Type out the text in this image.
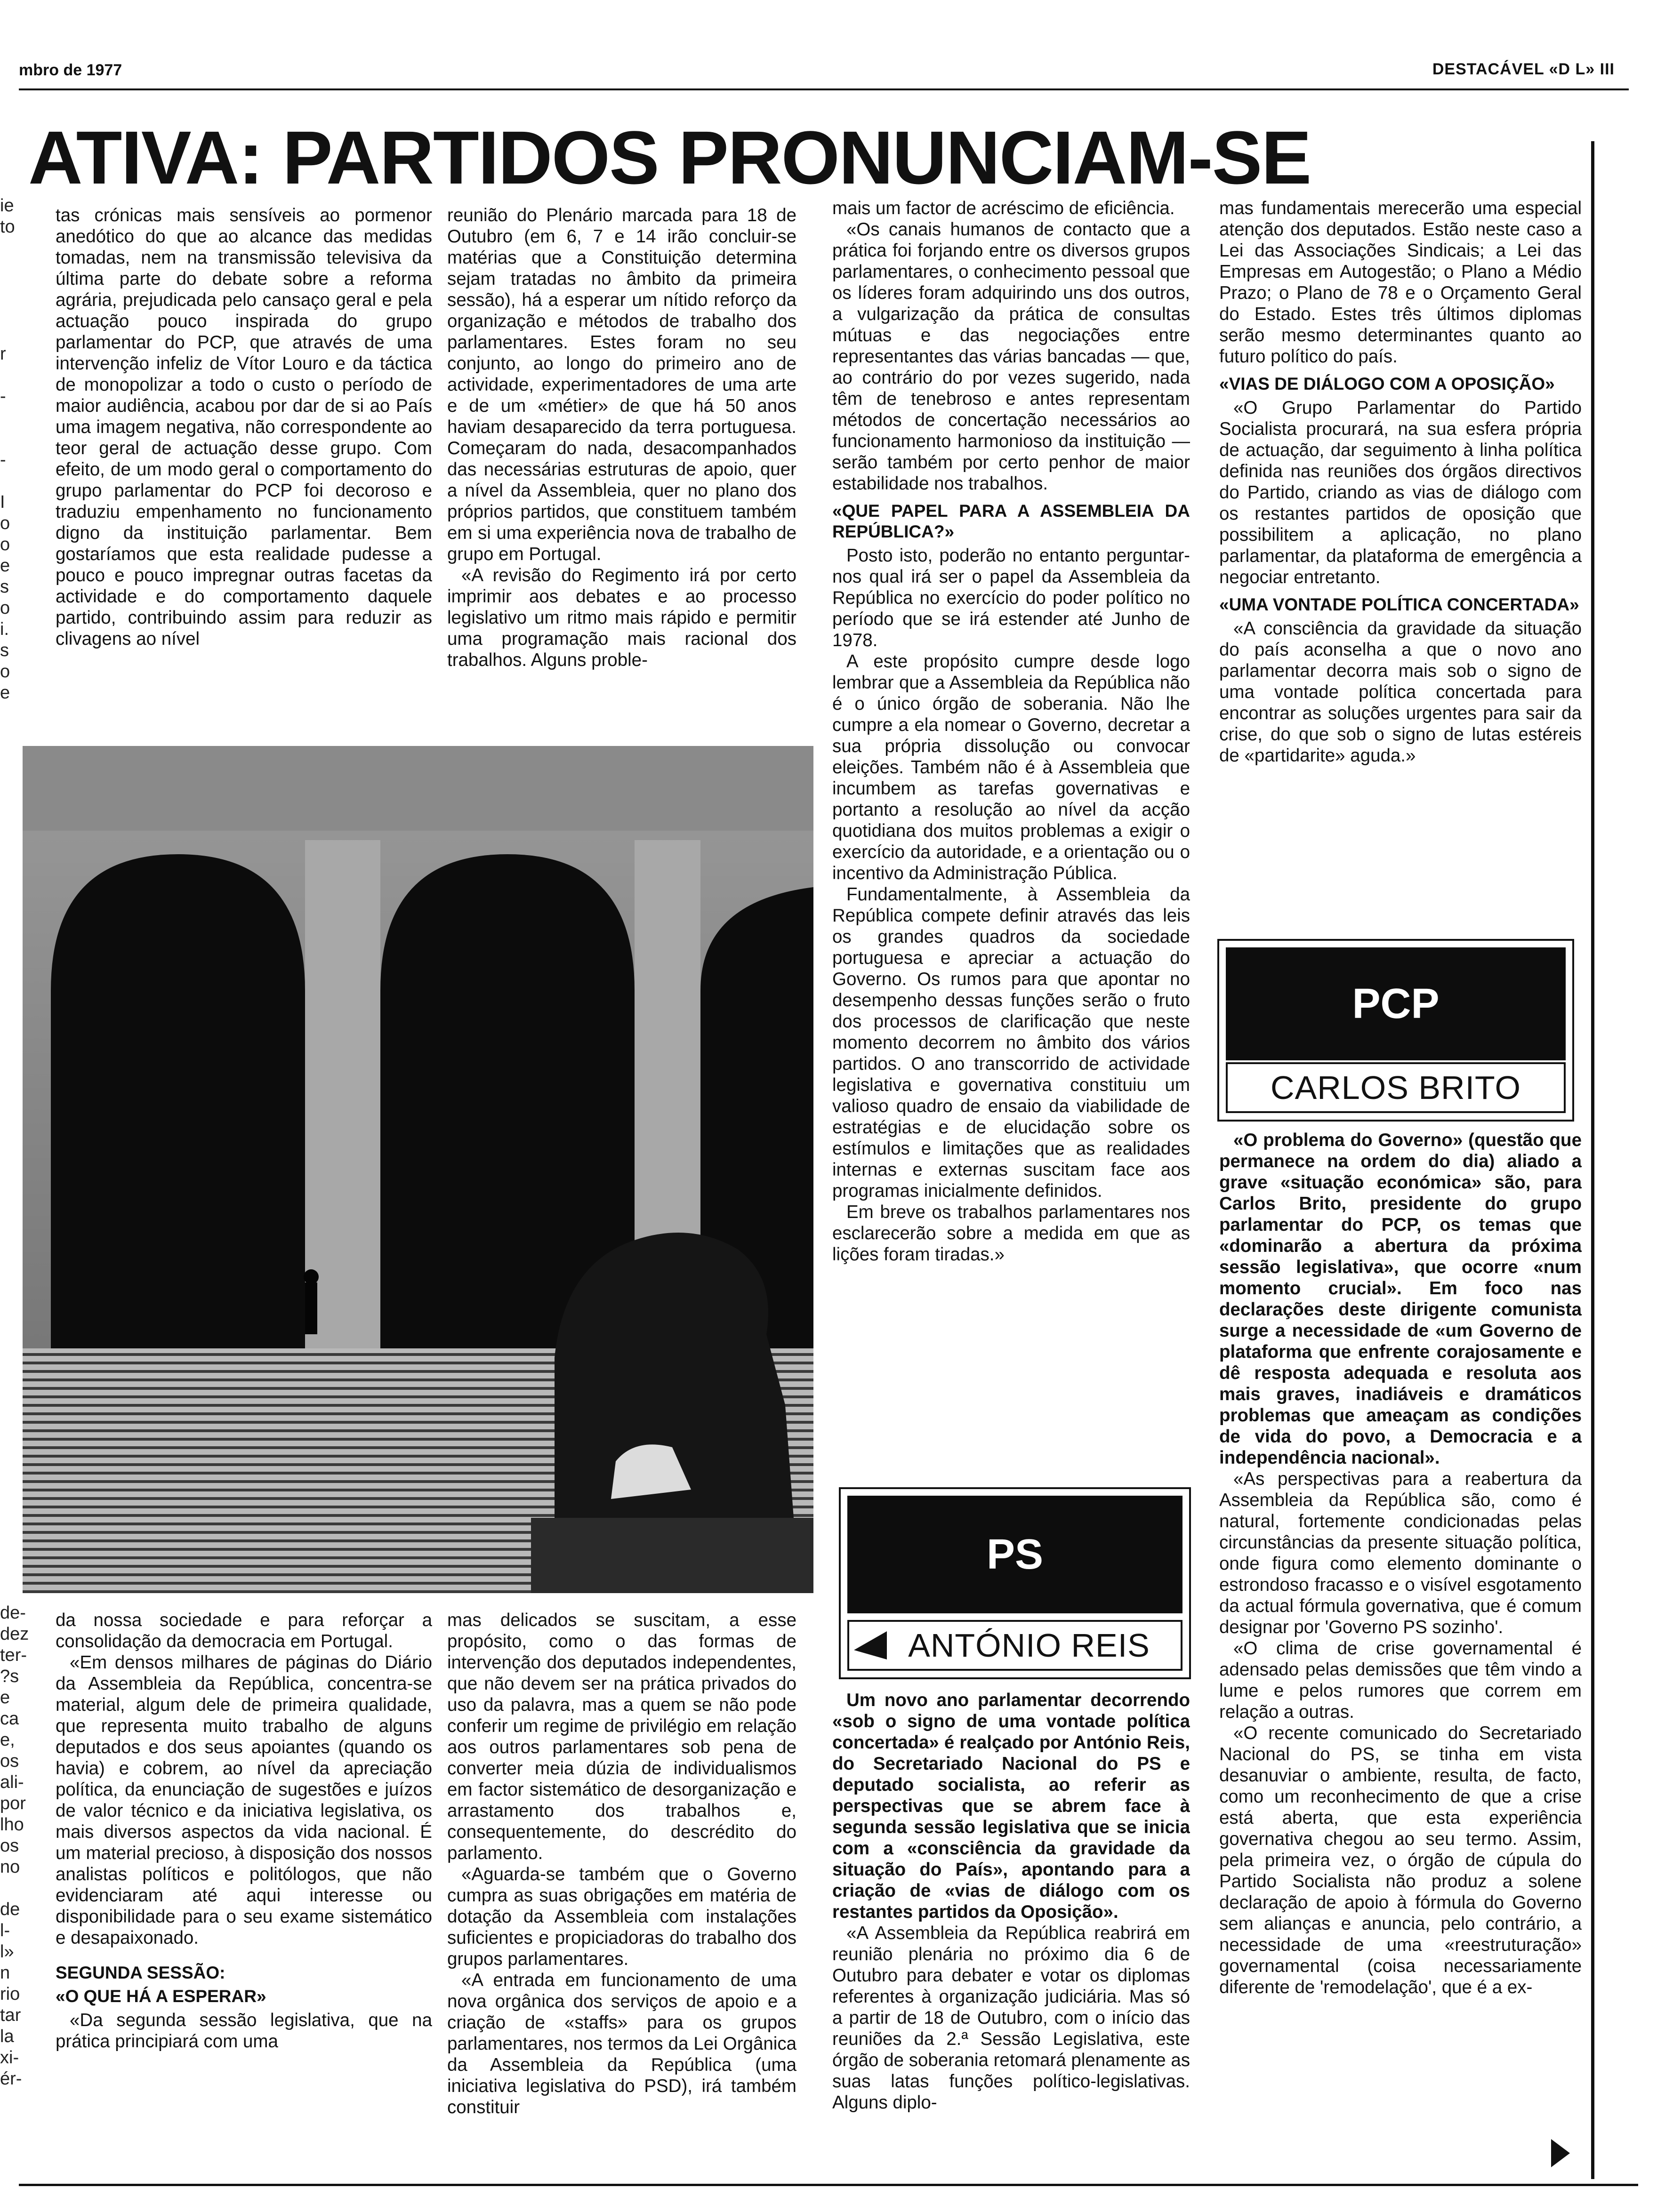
mbro de 1977	DESTACÁVEL «D L» III
ATIVA: PARTIDOS PRONUNCIAM-SE
ie
to

r

-

-

I
o
o
e
s
o
i.
s
o
e
de-
dez
ter-
?s
e
ca
e,
os
ali-
por
lho
os
no

de
l-
l»
n
rio
tar
la
xi-
ér-

tas crónicas mais sensíveis ao pormenor anedótico do que ao alcance das medidas tomadas, nem na transmissão televisiva da última parte do debate sobre a reforma agrária, prejudicada pelo cansaço geral e pela actuação pouco inspirada do grupo parlamentar do PCP, que através de uma intervenção infeliz de Vítor Louro e da táctica de monopolizar a todo o custo o período de maior audiência, acabou por dar de si ao País uma imagem negativa, não correspondente ao teor geral de actuação desse grupo. Com efeito, de um modo geral o comportamento do grupo parlamentar do PCP foi decoroso e traduziu empenhamento no funcionamento digno da instituição parlamentar. Bem gostaríamos que esta realidade pudesse a pouco e pouco impregnar outras facetas da actividade e do comportamento daquele partido, contribuindo assim para reduzir as clivagens ao nível

reunião do Plenário marcada para 18 de Outubro (em 6, 7 e 14 irão concluir-se matérias que a Constituição determina sejam tratadas no âmbito da primeira sessão), há a esperar um nítido reforço da organização e métodos de trabalho dos parlamentares. Estes foram no seu conjunto, ao longo do primeiro ano de actividade, experimentadores de uma arte e de um «métier» de que há 50 anos haviam desaparecido da terra portuguesa. Começaram do nada, desacompanhados das necessárias estruturas de apoio, quer a nível da Assembleia, quer no plano dos próprios partidos, que constituem também em si uma experiência nova de trabalho de grupo em Portugal.

«A revisão do Regimento irá por certo imprimir aos debates e ao processo legislativo um ritmo mais rápido e permitir uma programação mais racional dos trabalhos. Alguns proble-

mais um factor de acréscimo de eficiência.

«Os canais humanos de contacto que a prática foi forjando entre os diversos grupos parlamentares, o conhecimento pessoal que os líderes foram adquirindo uns dos outros, a vulgarização da prática de consultas mútuas e das negociações entre representantes das várias bancadas — que, ao contrário do por vezes sugerido, nada têm de tenebroso e antes representam métodos de concertação necessários ao funcionamento harmonioso da instituição — serão também por certo penhor de maior estabilidade nos trabalhos.

«QUE PAPEL PARA A ASSEMBLEIA DA REPÚBLICA?»

Posto isto, poderão no entanto perguntar-nos qual irá ser o papel da Assembleia da República no exercício do poder político no período que se irá estender até Junho de 1978.

A este propósito cumpre desde logo lembrar que a Assembleia da República não é o único órgão de soberania. Não lhe cumpre a ela nomear o Governo, decretar a sua própria dissolução ou convocar eleições. Também não é à Assembleia que incumbem as tarefas governativas e portanto a resolução ao nível da acção quotidiana dos muitos problemas a exigir o exercício da autoridade, e a orientação ou o incentivo da Administração Pública.

Fundamentalmente, à Assembleia da República compete definir através das leis os grandes quadros da sociedade portuguesa e apreciar a actuação do Governo. Os rumos para que apontar no desempenho dessas funções serão o fruto dos processos de clarificação que neste momento decorrem no âmbito dos vários partidos. O ano transcorrido de actividade legislativa e governativa constituiu um valioso quadro de ensaio da viabilidade de estratégias e de elucidação sobre os estímulos e limitações que as realidades internas e externas suscitam face aos programas inicialmente definidos.

Em breve os trabalhos parlamentares nos esclarecerão sobre a medida em que as lições foram tiradas.»

PS
ANTÓNIO REIS

Um novo ano parlamentar decorrendo «sob o signo de uma vontade política concertada» é realçado por António Reis, do Secretariado Nacional do PS e deputado socialista, ao referir as perspectivas que se abrem face à segunda sessão legislativa que se inicia com a «consciência da gravidade da situação do País», apontando para a criação de «vias de diálogo com os restantes partidos da Oposição».

«A Assembleia da República reabrirá em reunião plenária no próximo dia 6 de Outubro para debater e votar os diplomas referentes à organização judiciária. Mas só a partir de 18 de Outubro, com o início das reuniões da 2.ª Sessão Legislativa, este órgão de soberania retomará plenamente as suas latas funções político-legislativas. Alguns diplo-

mas fundamentais merecerão uma especial atenção dos deputados. Estão neste caso a Lei das Associações Sindicais; a Lei das Empresas em Autogestão; o Plano a Médio Prazo; o Plano de 78 e o Orçamento Geral do Estado. Estes três últimos diplomas serão mesmo determinantes quanto ao futuro político do país.

«VIAS DE DIÁLOGO COM A OPOSIÇÃO»

«O Grupo Parlamentar do Partido Socialista procurará, na sua esfera própria de actuação, dar seguimento à linha política definida nas reuniões dos órgãos directivos do Partido, criando as vias de diálogo com os restantes partidos de oposição que possibilitem a aplicação, no plano parlamentar, da plataforma de emergência a negociar entretanto.

«UMA VONTADE POLÍTICA CONCERTADA»

«A consciência da gravidade da situação do país aconselha a que o novo ano parlamentar decorra mais sob o signo de uma vontade política concertada para encontrar as soluções urgentes para sair da crise, do que sob o signo de lutas estéreis de «partidarite» aguda.»

PCP
CARLOS BRITO

«O problema do Governo» (questão que permanece na ordem do dia) aliado a grave «situação económica» são, para Carlos Brito, presidente do grupo parlamentar do PCP, os temas que «dominarão a abertura da próxima sessão legislativa», que ocorre «num momento crucial». Em foco nas declarações deste dirigente comunista surge a necessidade de «um Governo de plataforma que enfrente corajosamente e dê resposta adequada e resoluta aos mais graves, inadiáveis e dramáticos problemas que ameaçam as condições de vida do povo, a Democracia e a independência nacional».

«As perspectivas para a reabertura da Assembleia da República são, como é natural, fortemente condicionadas pelas circunstâncias da presente situação política, onde figura como elemento dominante o estrondoso fracasso e o visível esgotamento da actual fórmula governativa, que é comum designar por 'Governo PS sozinho'.

«O clima de crise governamental é adensado pelas demissões que têm vindo a lume e pelos rumores que correm em relação a outras.

«O recente comunicado do Secretariado Nacional do PS, se tinha em vista desanuviar o ambiente, resulta, de facto, como um reconhecimento de que a crise está aberta, que esta experiência governativa chegou ao seu termo. Assim, pela primeira vez, o órgão de cúpula do Partido Socialista não produz a solene declaração de apoio à fórmula do Governo sem alianças e anuncia, pelo contrário, a necessidade de uma «reestruturação» governamental (coisa necessariamente diferente de 'remodelação', que é a ex-

da nossa sociedade e para reforçar a consolidação da democracia em Portugal.

«Em densos milhares de páginas do Diário da Assembleia da República, concentra-se material, algum dele de primeira qualidade, que representa muito trabalho de alguns deputados e dos seus apoiantes (quando os havia) e cobrem, ao nível da apreciação política, da enunciação de sugestões e juízos de valor técnico e da iniciativa legislativa, os mais diversos aspectos da vida nacional. É um material precioso, à disposição dos nossos analistas políticos e politólogos, que não evidenciaram até aqui interesse ou disponibilidade para o seu exame sistemático e desapaixonado.

SEGUNDA SESSÃO:
«O QUE HÁ A ESPERAR»

«Da segunda sessão legislativa, que na prática principiará com uma

mas delicados se suscitam, a esse propósito, como o das formas de intervenção dos deputados independentes, que não devem ser na prática privados do uso da palavra, mas a quem se não pode conferir um regime de privilégio em relação aos outros parlamentares sob pena de converter meia dúzia de individualismos em factor sistemático de desorganização e arrastamento dos trabalhos e, consequentemente, do descrédito do parlamento.

«Aguarda-se também que o Governo cumpra as suas obrigações em matéria de dotação da Assembleia com instalações suficientes e propiciadoras do trabalho dos grupos parlamentares.

«A entrada em funcionamento de uma nova orgânica dos serviços de apoio e a criação de «staffs» para os grupos parlamentares, nos termos da Lei Orgânica da Assembleia da República (uma iniciativa legislativa do PSD), irá também constituir
